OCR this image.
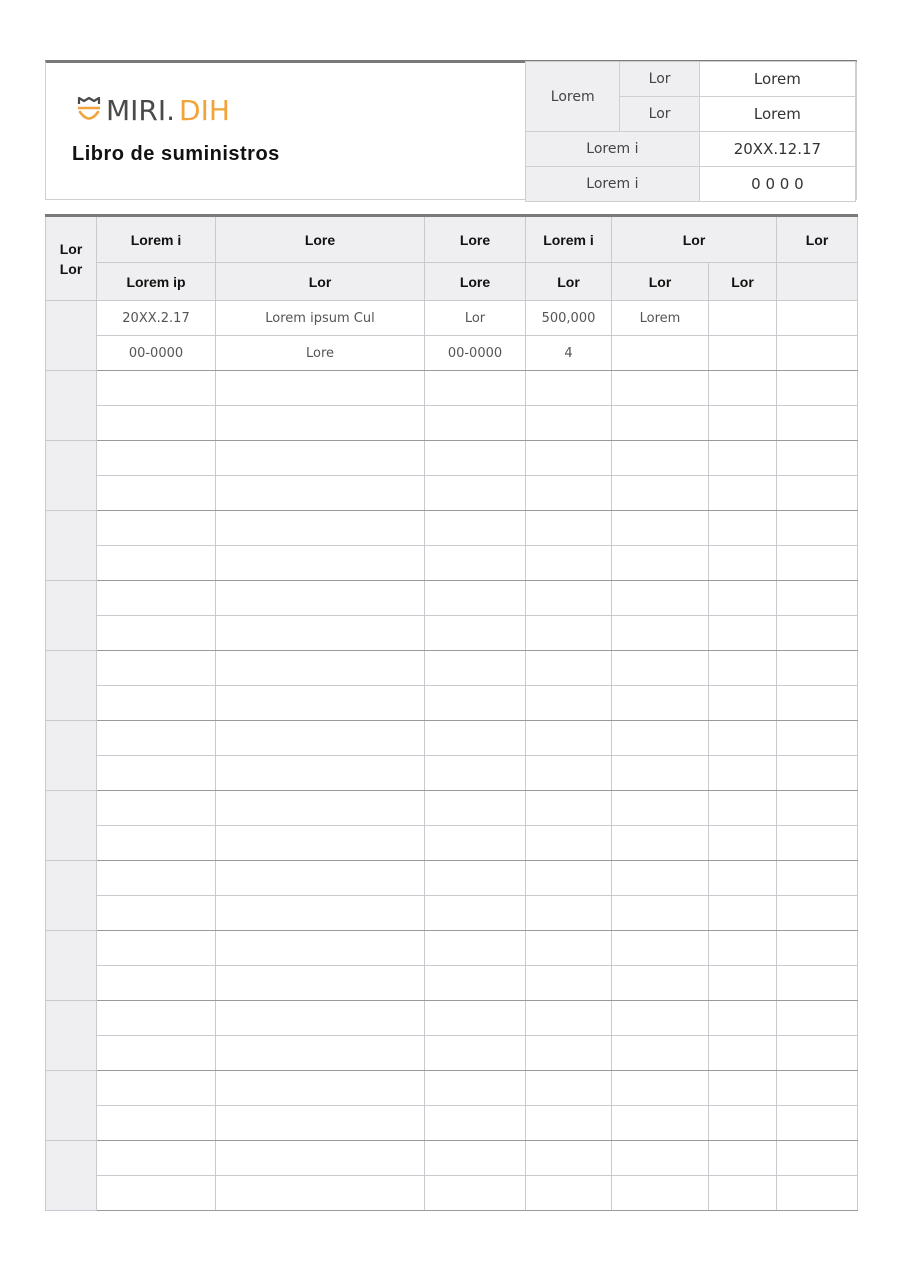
MIRI . DIH
Libro de suministros
Lorem	Lor	Lorem
	Lor	Lorem
Lorem i		20XX.12.17
Lorem i		0 0 0 0
Lor Lor	Lorem i	Lore	Lore	Lorem i	Lor		Lor
	Lorem ip	Lor	Lore	Lor	Lor	Lor	
	20XX.2.17	Lorem ipsum Cul	Lor	500,000	Lorem		
	00-0000	Lore	00-0000	4			
